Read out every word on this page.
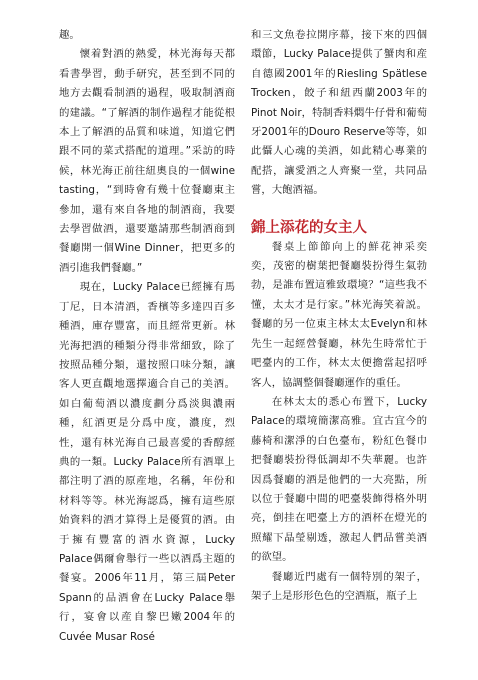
趣。

懷着對酒的熱愛，林光海每天都看書學習，動手研究，甚至到不同的地方去觀看制酒的過程，吸取制酒商的建議。“了解酒的制作過程才能從根本上了解酒的品質和味道，知道它們跟不同的菜式搭配的道理。”采訪的時候，林光海正前往紐奧良的一個wine tasting，“到時會有幾十位餐廳東主參加，還有來自各地的制酒商，我要去學習做酒，還要邀請那些制酒商到餐廳開一個Wine Dinner，把更多的酒引進我們餐廳。”

現在，Lucky Palace已經擁有馬丁尼，日本清酒，香檳等多達四百多種酒，庫存豐富，而且經常更新。林光海把酒的種類分得非常細致，除了按照品種分類，還按照口味分類，讓客人更直觀地選擇適合自己的美酒。如白葡萄酒以濃度劃分爲淡與濃兩種，紅酒更是分爲中度，濃度，烈性，還有林光海自己最喜愛的香醇經典的一類。Lucky Palace所有酒單上都注明了酒的原産地，名稱，年份和材料等等。林光海認爲，擁有這些原始資料的酒才算得上是優質的酒。由于擁有豐富的酒水資源，Lucky Palace偶爾會舉行一些以酒爲主題的餐宴。2006年11月，第三屆Peter Spann的品酒會在Lucky Palace舉行，宴會以産自黎巴嫩2004年的Cuvée Musar Rosé

和三文魚卷拉開序幕，接下來的四個環節，Lucky Palace提供了蟹肉和産自德國2001年的Riesling Spätlese Trocken，餃子和紐西蘭2003年的Pinot Noir，特制香料燜牛仔骨和葡萄牙2001年的Douro Reserve等等，如此懾人心魂的美酒，如此精心專業的配搭，讓愛酒之人齊聚一堂，共同品嘗，大飽酒福。

錦上添花的女主人

餐桌上節節向上的鮮花神采奕奕，茂密的樹葉把餐廳裝扮得生氣勃勃，是誰布置這雅致環境？“這些我不懂，太太才是行家。”林光海笑着説。餐廳的另一位東主林太太Evelyn和林先生一起經營餐廳，林先生時常忙于吧臺内的工作，林太太便擔當起招呼客人，協調整個餐廳運作的重任。

在林太太的悉心布置下，Lucky Palace的環境簡潔高雅。宜古宜今的藤椅和潔淨的白色臺布，粉紅色餐巾把餐廳裝扮得低調却不失華麗。也許因爲餐廳的酒是他們的一大亮點，所以位于餐廳中間的吧臺裝飾得格外明亮，倒挂在吧臺上方的酒杯在燈光的照耀下晶瑩剔透，激起人們品嘗美酒的欲望。

餐廳近門處有一個特別的架子，架子上是形形色色的空酒瓶，瓶子上
